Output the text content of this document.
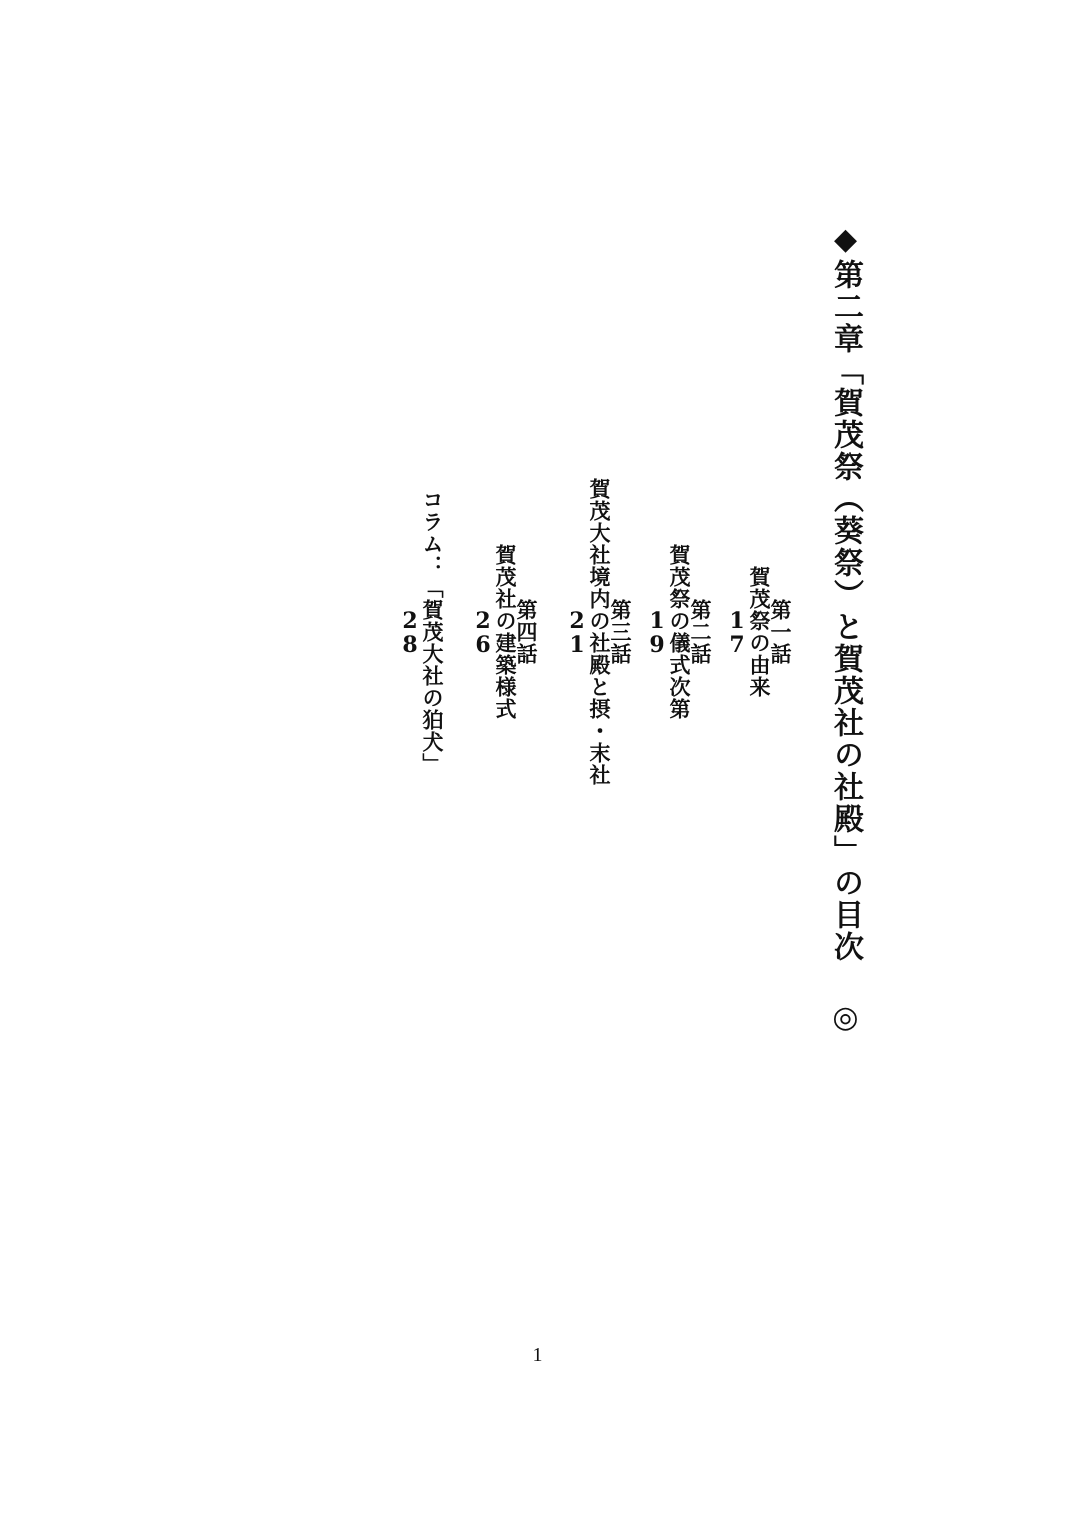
◆第二章「賀茂祭（葵祭）と賀茂社の社殿」の目次 ◎
第一話
賀茂祭の由来
17
第二話
賀茂祭の儀式次第
19
第三話
賀茂大社境内の社殿と摂・末社
21
第四話
賀茂社の建築様式
26
コラム：「賀茂大社の狛犬」
28
1
